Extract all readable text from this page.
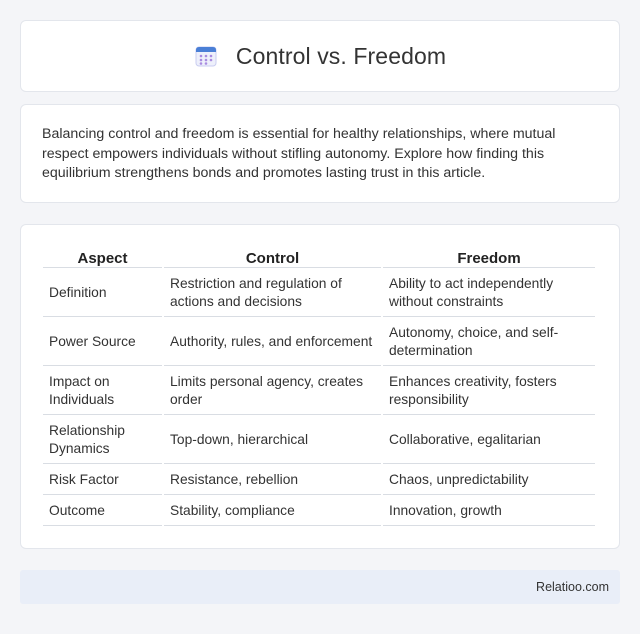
Control vs. Freedom

Balancing control and freedom is essential for healthy relationships, where mutual respect empowers individuals without stifling autonomy. Explore how finding this equilibrium strengthens bonds and promotes lasting trust in this article.

Aspect	Control	Freedom
Definition	Restriction and regulation of actions and decisions	Ability to act independently without constraints
Power Source	Authority, rules, and enforcement	Autonomy, choice, and self-determination
Impact on Individuals	Limits personal agency, creates order	Enhances creativity, fosters responsibility
Relationship Dynamics	Top-down, hierarchical	Collaborative, egalitarian
Risk Factor	Resistance, rebellion	Chaos, unpredictability
Outcome	Stability, compliance	Innovation, growth
Relatioo.com
